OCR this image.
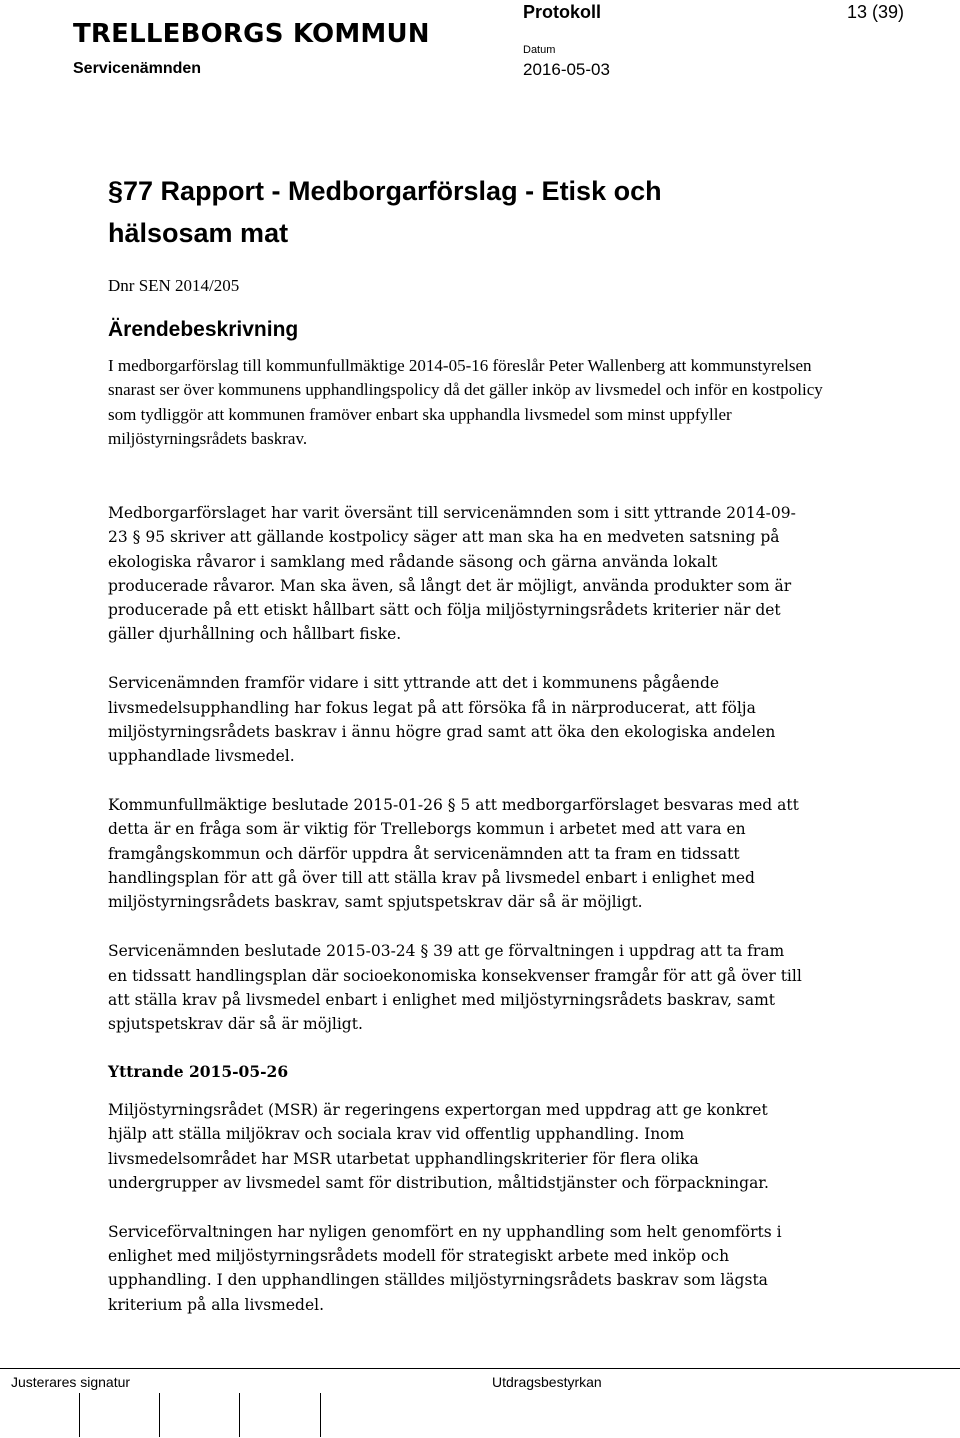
TRELLEBORGS KOMMUN
Servicenämnden
Protokoll	13 (39)
Datum
2016-05-03
§77 Rapport - Medborgarförslag - Etisk och hälsosam mat
Dnr SEN 2014/205
Ärendebeskrivning
I medborgarförslag till kommunfullmäktige 2014-05-16 föreslår Peter Wallenberg att kommunstyrelsen snarast ser över kommunens upphandlingspolicy då det gäller inköp av livsmedel och inför en kostpolicy som tydliggör att kommunen framöver enbart ska upphandla livsmedel som minst uppfyller miljöstyrningsrådets baskrav.

Medborgarförslaget har varit översänt till servicenämnden som i sitt yttrande 2014-09-23 § 95 skriver att gällande kostpolicy säger att man ska ha en medveten satsning på ekologiska råvaror i samklang med rådande säsong och gärna använda lokalt producerade råvaror. Man ska även, så långt det är möjligt, använda produkter som är producerade på ett etiskt hållbart sätt och följa miljöstyrningsrådets kriterier när det gäller djurhållning och hållbart fiske.

Servicenämnden framför vidare i sitt yttrande att det i kommunens pågående livsmedelsupphandling har fokus legat på att försöka få in närproducerat, att följa miljöstyrningsrådets baskrav i ännu högre grad samt att öka den ekologiska andelen upphandlade livsmedel.

Kommunfullmäktige beslutade 2015-01-26 § 5 att medborgarförslaget besvaras med att detta är en fråga som är viktig för Trelleborgs kommun i arbetet med att vara en framgångskommun och därför uppdra åt servicenämnden att ta fram en tidssatt handlingsplan för att gå över till att ställa krav på livsmedel enbart i enlighet med miljöstyrningsrådets baskrav, samt spjutspetskrav där så är möjligt.

Servicenämnden beslutade 2015-03-24 § 39 att ge förvaltningen i uppdrag att ta fram en tidssatt handlingsplan där socioekonomiska konsekvenser framgår för att gå över till att ställa krav på livsmedel enbart i enlighet med miljöstyrningsrådets baskrav, samt spjutspetskrav där så är möjligt.

Yttrande 2015-05-26

Miljöstyrningsrådet (MSR) är regeringens expertorgan med uppdrag att ge konkret hjälp att ställa miljökrav och sociala krav vid offentlig upphandling. Inom livsmedelsområdet har MSR utarbetat upphandlingskriterier för flera olika undergrupper av livsmedel samt för distribution, måltidstjänster och förpackningar.

Serviceförvaltningen har nyligen genomfört en ny upphandling som helt genomförts i enlighet med miljöstyrningsrådets modell för strategiskt arbete med inköp och upphandling. I den upphandlingen ställdes miljöstyrningsrådets baskrav som lägsta kriterium på alla livsmedel.

Justerares signatur	Utdragsbestyrkan
